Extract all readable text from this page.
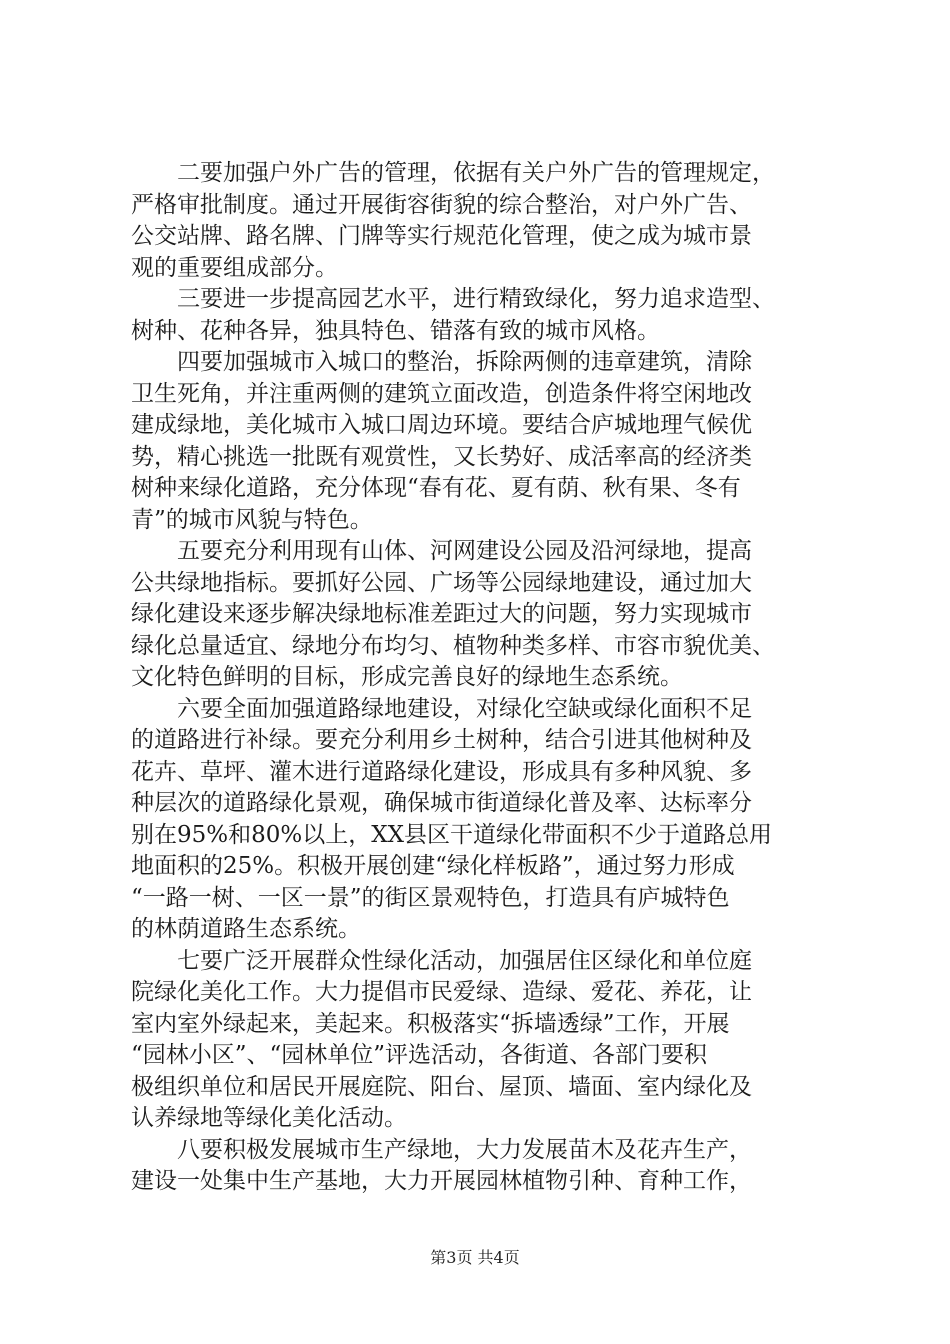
二要加强户外广告的管理，依据有关户外广告的管理规定，
严格审批制度。通过开展街容街貌的综合整治，对户外广告、
公交站牌、路名牌、门牌等实行规范化管理，使之成为城市景
观的重要组成部分。

三要进一步提高园艺水平，进行精致绿化，努力追求造型、
树种、花种各异，独具特色、错落有致的城市风格。

四要加强城市入城口的整治，拆除两侧的违章建筑，清除
卫生死角，并注重两侧的建筑立面改造，创造条件将空闲地改
建成绿地，美化城市入城口周边环境。要结合庐城地理气候优
势，精心挑选一批既有观赏性，又长势好、成活率高的经济类
树种来绿化道路，充分体现“春有花、夏有荫、秋有果、冬有
青”的城市风貌与特色。

五要充分利用现有山体、河网建设公园及沿河绿地，提高
公共绿地指标。要抓好公园、广场等公园绿地建设，通过加大
绿化建设来逐步解决绿地标准差距过大的问题，努力实现城市
绿化总量适宜、绿地分布均匀、植物种类多样、市容市貌优美、
文化特色鲜明的目标，形成完善良好的绿地生态系统。

六要全面加强道路绿地建设，对绿化空缺或绿化面积不足
的道路进行补绿。要充分利用乡土树种，结合引进其他树种及
花卉、草坪、灌木进行道路绿化建设，形成具有多种风貌、多
种层次的道路绿化景观，确保城市街道绿化普及率、达标率分
别在95%和80%以上，XX县区干道绿化带面积不少于道路总用
地面积的25%。积极开展创建“绿化样板路”，通过努力形成
“一路一树、一区一景”的街区景观特色，打造具有庐城特色
的林荫道路生态系统。

七要广泛开展群众性绿化活动，加强居住区绿化和单位庭
院绿化美化工作。大力提倡市民爱绿、造绿、爱花、养花，让
室内室外绿起来，美起来。积极落实“拆墙透绿”工作，开展
“园林小区”、“园林单位”评选活动，各街道、各部门要积
极组织单位和居民开展庭院、阳台、屋顶、墙面、室内绿化及
认养绿地等绿化美化活动。

八要积极发展城市生产绿地，大力发展苗木及花卉生产，
建设一处集中生产基地，大力开展园林植物引种、育种工作，

第3页 共4页
